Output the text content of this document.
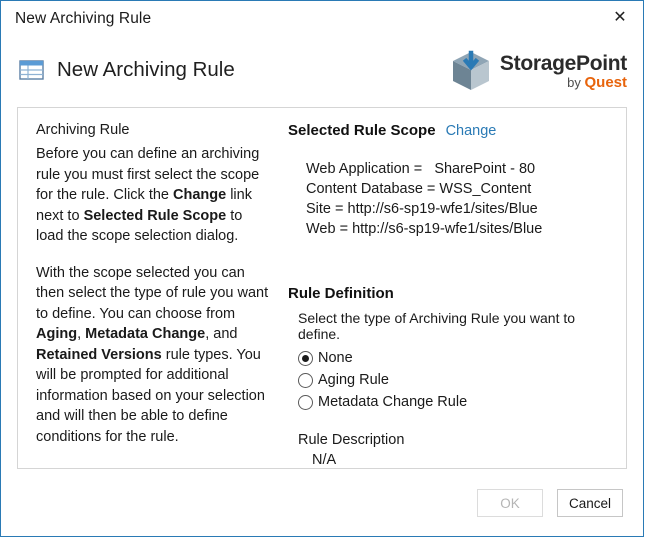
New Archiving Rule	✕
New Archiving Rule	StoragePoint
by Quest
Archiving Rule

Before you can define an archiving rule you must first select the scope for the rule. Click the Change link next to Selected Rule Scope to load the scope selection dialog.

With the scope selected you can then select the type of rule you want to define. You can choose from Aging, Metadata Change, and Retained Versions rule types. You will be prompted for additional information based on your selection and will then be able to define conditions for the rule.

Selected Rule Scope Change
Web Application = SharePoint - 80
Content Database = WSS_Content
Site = http://s6-sp19-wfe1/sites/Blue
Web = http://s6-sp19-wfe1/sites/Blue
Rule Definition
Select the type of Archiving Rule you want to define.
None
Aging Rule
Metadata Change Rule
Rule Description
N/A
OK	Cancel
